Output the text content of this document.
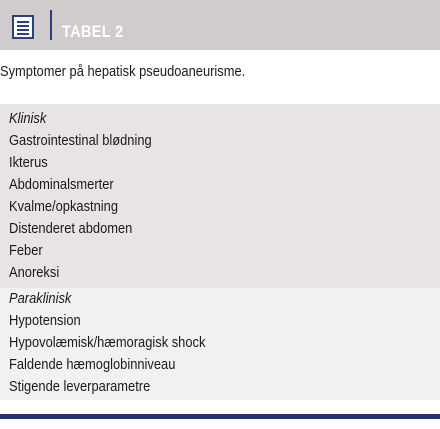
TABEL 2
Symptomer på hepatisk pseudoaneurisme.
Klinisk
Gastrointestinal blødning
Ikterus
Abdominalsmerter
Kvalme/opkastning
Distenderet abdomen
Feber
Anoreksi
Paraklinisk
Hypotension
Hypovolæmisk/hæmoragisk shock
Faldende hæmoglobinniveau
Stigende leverparametre
